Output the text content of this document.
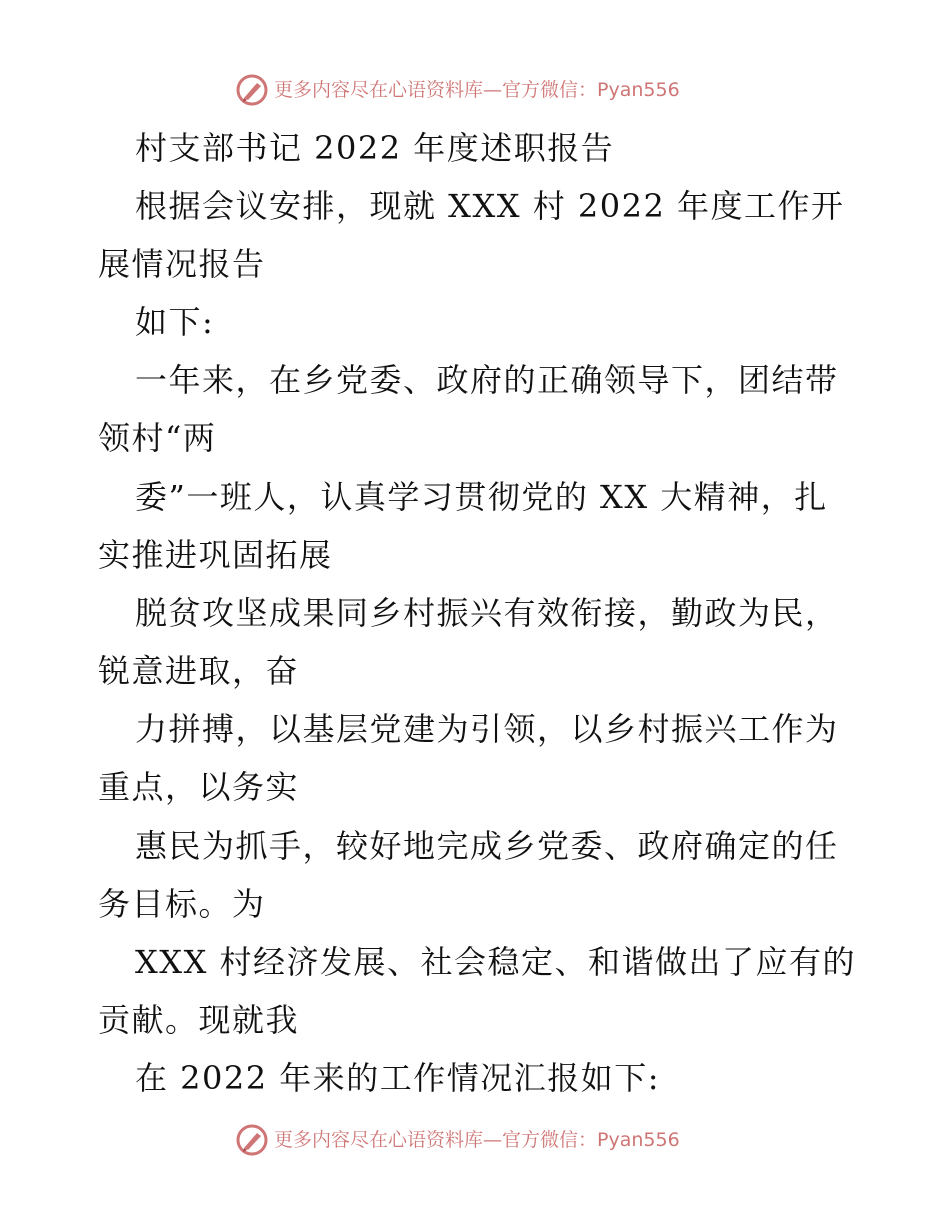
更多内容尽在心语资料库—官方微信：Pyan556
村支部书记 2022 年度述职报告
根据会议安排，现就 XXX 村 2022 年度工作开
展情况报告
如下:
一年来，在乡党委、政府的正确领导下，团结带
领村“两
委”一班人，认真学习贯彻党的 XX 大精神，扎
实推进巩固拓展
脱贫攻坚成果同乡村振兴有效衔接，勤政为民，
锐意进取，奋
力拼搏，以基层党建为引领，以乡村振兴工作为
重点，以务实
惠民为抓手，较好地完成乡党委、政府确定的任
务目标。为
XXX 村经济发展、社会稳定、和谐做出了应有的
贡献。现就我
在 2022 年来的工作情况汇报如下:
更多内容尽在心语资料库—官方微信：Pyan556
